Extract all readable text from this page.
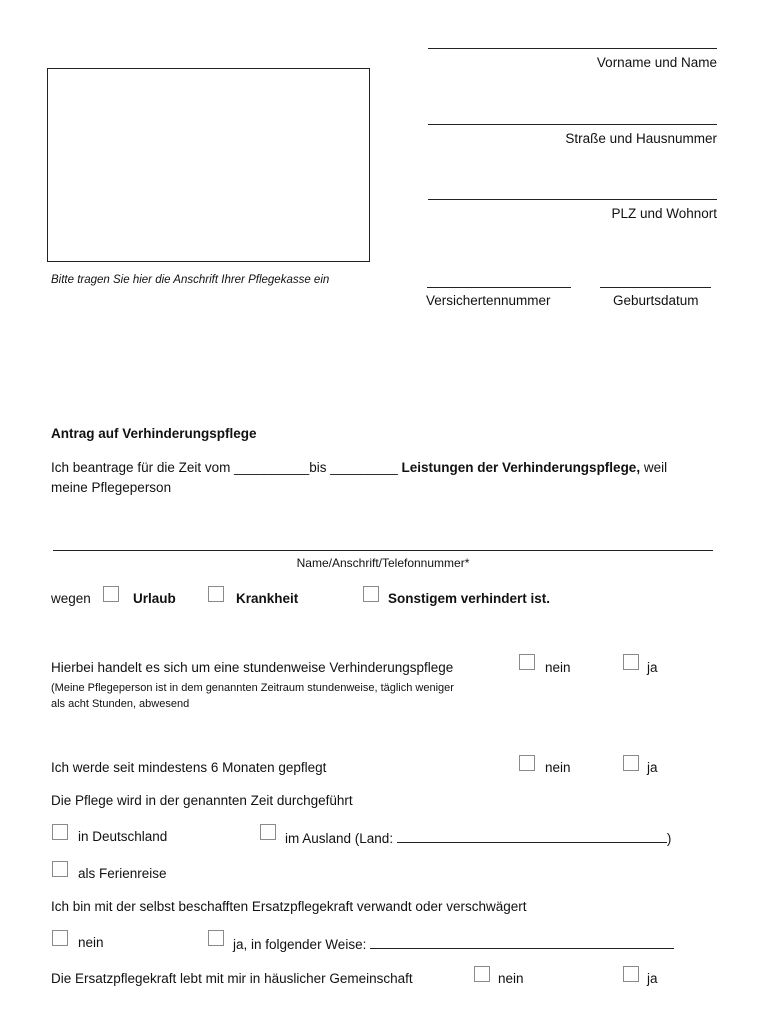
Bitte tragen Sie hier die Anschrift Ihrer Pflegekasse ein
Vorname und Name
Straße und Hausnummer
PLZ und Wohnort
Versichertennummer	Geburtsdatum
Antrag auf Verhinderungspflege
Ich beantrage für die Zeit vom __________bis _________ Leistungen der Verhinderungspflege, weil
meine Pflegeperson
Name/Anschrift/Telefonnummer*
wegen	Urlaub	Krankheit	Sonstigem verhindert ist.
Hierbei handelt es sich um eine stundenweise Verhinderungspflege
(Meine Pflegeperson ist in dem genannten Zeitraum stundenweise, täglich weniger
als acht Stunden, abwesend
nein	ja
Ich werde seit mindestens 6 Monaten gepflegt	nein	ja
Die Pflege wird in der genannten Zeit durchgeführt
in Deutschland	im Ausland (Land:	)
als Ferienreise
Ich bin mit der selbst beschafften Ersatzpflegekraft verwandt oder verschwägert
nein	ja, in folgender Weise:
Die Ersatzpflegekraft lebt mit mir in häuslicher Gemeinschaft	nein	ja
